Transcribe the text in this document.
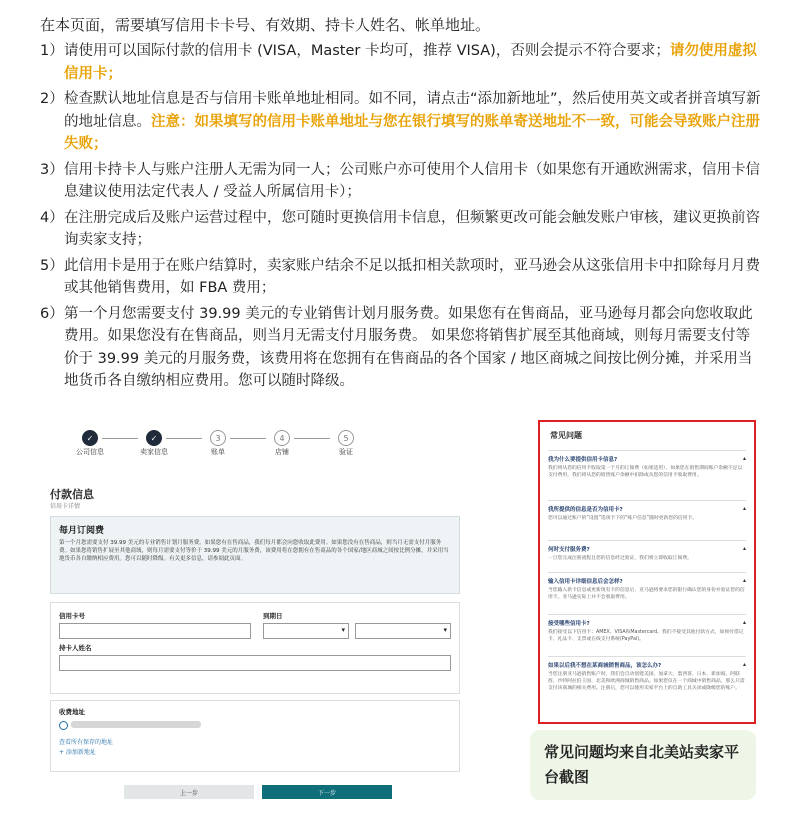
在本页面，需要填写信用卡卡号、有效期、持卡人姓名、帐单地址。
1） 请使用可以国际付款的信用卡 (VISA，Master 卡均可，推荐 VISA)，否则会提示不符合要求；请勿使用虚拟信用卡；
2） 检查默认地址信息是否与信用卡账单地址相同。如不同，请点击“添加新地址”，然后使用英文或者拼音填写新的地址信息。注意：如果填写的信用卡账单地址与您在银行填写的账单寄送地址不一致，可能会导致账户注册失败；
3） 信用卡持卡人与账户注册人无需为同一人；公司账户亦可使用个人信用卡（如果您有开通欧洲需求，信用卡信息建议使用法定代表人 / 受益人所属信用卡）；
4） 在注册完成后及账户运营过程中，您可随时更换信用卡信息，但频繁更改可能会触发账户审核，建议更换前咨询卖家支持；
5） 此信用卡是用于在账户结算时，卖家账户结余不足以抵扣相关款项时，亚马逊会从这张信用卡中扣除每月月费或其他销售费用，如 FBA 费用；
6） 第一个月您需要支付 39.99 美元的专业销售计划月服务费。如果您有在售商品，亚马逊每月都会向您收取此费用。如果您没有在售商品，则当月无需支付月服务费。 如果您将销售扩展至其他商域，则每月需要支付等价于 39.99 美元的月服务费，该费用将在您拥有在售商品的各个国家 / 地区商城之间按比例分摊，并采用当地货币各自缴纳相应费用。您可以随时降级。
✓
公司信息
✓
卖家信息
3
账单
4
店铺
5
验证
付款信息
信用卡详情
每月订阅费
第一个月您需要支付 39.99 美元的专业销售计划月服务费。如果您有在售商品，我们每月都会向您收取此费用。如果您没有在售商品，则当月无需支付月服务费。如果您将销售扩展至其他商域，则每月需要支付等价于 39.99 美元的月服务费，该费用将在您拥有在售商品的各个国家/地区商城之间按比例分摊，并采用当地货币各自缴纳相应费用。您可以随时降级。有关更多信息，请参阅此页面。
信用卡号	到期日
▾	▾
持卡人姓名
收费地址
查看所有保存的地址
+ 添加新地址
上一步	下一步
常见问题
我为什么要提供信用卡信息?	▴
我们将从您的信用卡收取第一个月的订阅费（如果适用），如果您在销售期间账户余额不足以支付费用，我们将从您的销售账户余额中扣除或从您的信用卡收取费用。
我所提供的信息是否为信用卡?	▴
您可以通过账户的“设置”选项卡下的“账户信息”随时更新您的信用卡。
何时支付服务费?	▴
一旦您完成注册流程且您的信息经过验证，我们将立即收取订阅费。
输入信用卡详细信息后会怎样?	▴
当您输入新卡信息或更新现有卡的信息后，亚马逊将要求您的银行确认您的身份并验证您的信用卡。亚马逊实际上并不会收取费用。
接受哪些信用卡?	▴
我们接受以下信用卡：AMEX、VISA和Mastercard。我们不接受其他付款方式，如预付借记卡、礼品卡、支票或在线支付系统(PayPal)。
如果以后我不想在某商城销售商品，该怎么办?	▴
当您注册亚马逊销售账户时，我们会自动创建美国、加拿大、墨西哥、日本、新加坡、阿联酋、沙特阿拉伯王国、北美和欧洲商城销售商品。如果您仅在一个商城中销售商品，那么只需支付该商城的相关费用。注册后，您可以使用卖家平台上的自助工具关闭或降级您的账户。
常见问题均来自北美站卖家平台截图
